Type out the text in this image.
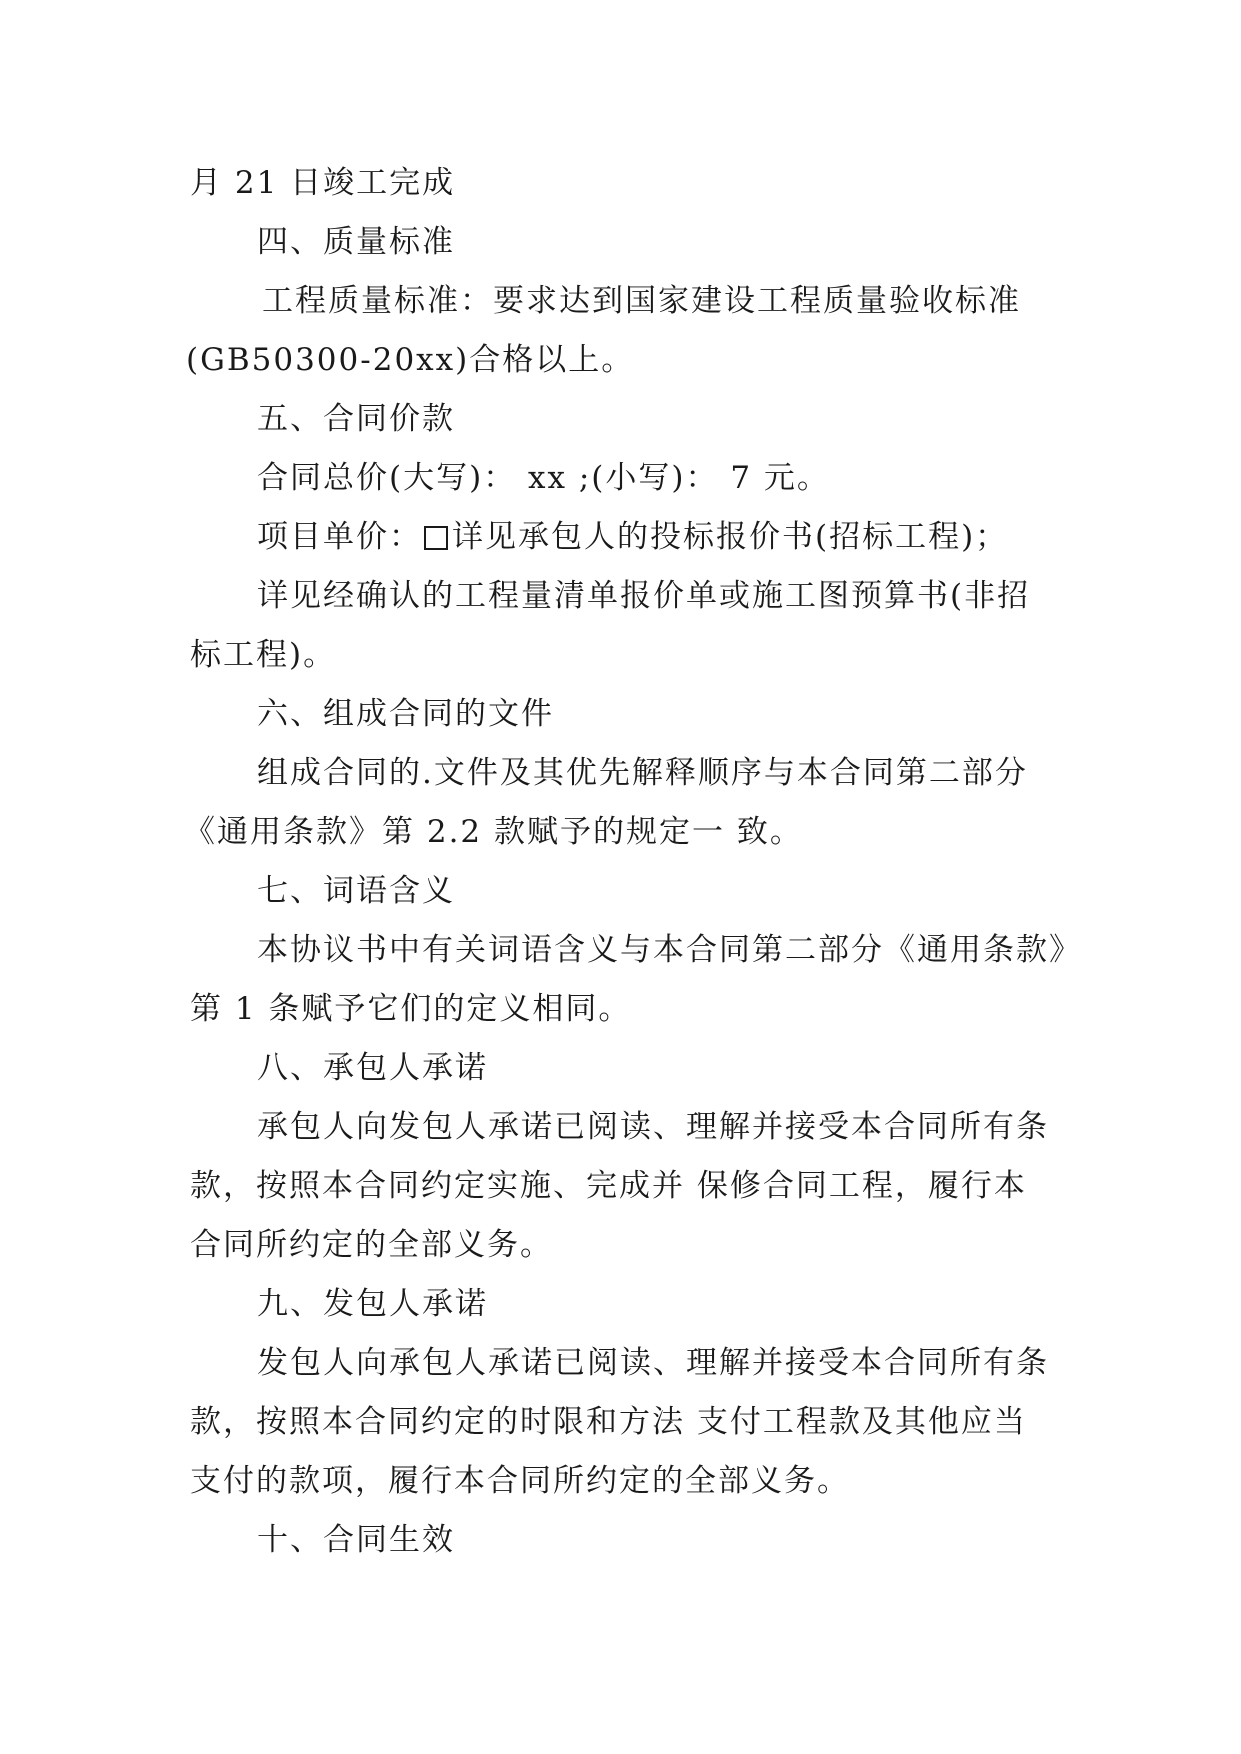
月 21 日竣工完成
四、质量标准
工程质量标准：要求达到国家建设工程质量验收标准
(GB50300-20xx)合格以上。
五、合同价款
合同总价(大写)： xx ;(小写)： 7 元。
项目单价： 详见承包人的投标报价书(招标工程)；
详见经确认的工程量清单报价单或施工图预算书(非招
标工程)。
六、组成合同的文件
组成合同的.文件及其优先解释顺序与本合同第二部分
《通用条款》第 2.2 款赋予的规定一 致。
七、词语含义
本协议书中有关词语含义与本合同第二部分《通用条款》
第 1 条赋予它们的定义相同。
八、承包人承诺
承包人向发包人承诺已阅读、理解并接受本合同所有条
款，按照本合同约定实施、完成并 保修合同工程，履行本
合同所约定的全部义务。
九、发包人承诺
发包人向承包人承诺已阅读、理解并接受本合同所有条
款，按照本合同约定的时限和方法 支付工程款及其他应当
支付的款项，履行本合同所约定的全部义务。
十、合同生效
